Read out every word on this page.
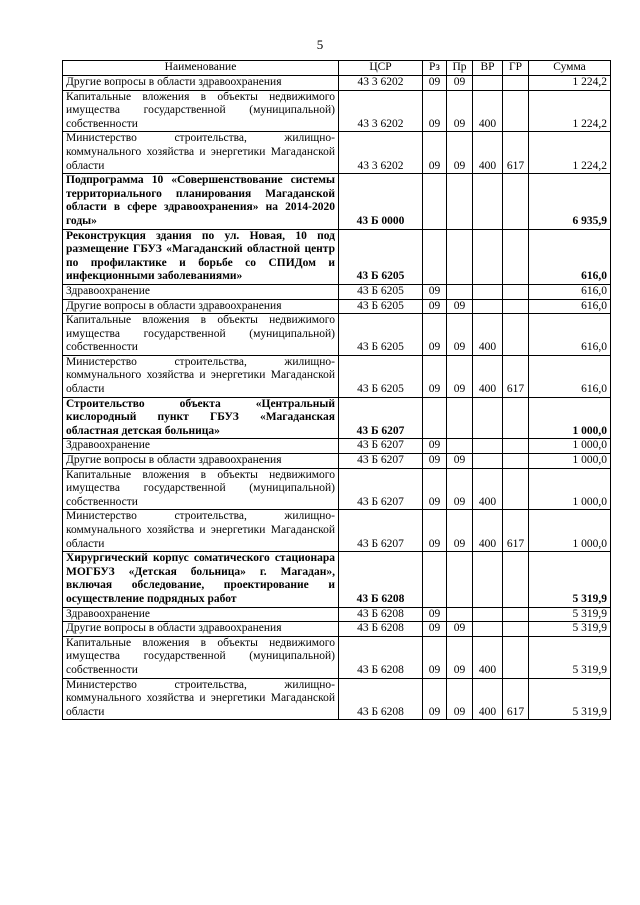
5
Наименование	ЦСР	Рз	Пр	ВР	ГР	Сумма
Другие вопросы в области здравоохранения	43 3 6202	09	09			1 224,2
Капитальные вложения в объекты недвижимого имущества государственной (муниципальной) собственности	43 3 6202	09	09	400		1 224,2
Министерство строительства, жилищно-коммунального хозяйства и энергетики Магаданской области	43 3 6202	09	09	400	617	1 224,2
Подпрограмма 10 «Совершенствование системы территориального планирования Магаданской области в сфере здравоохранения» на 2014-2020 годы»	43 Б 0000					6 935,9
Реконструкция здания по ул. Новая, 10 под размещение ГБУЗ «Магаданский областной центр по профилактике и борьбе со СПИДом и инфекционными заболеваниями»	43 Б 6205					616,0
Здравоохранение	43 Б 6205	09				616,0
Другие вопросы в области здравоохранения	43 Б 6205	09	09			616,0
Капитальные вложения в объекты недвижимого имущества государственной (муниципальной) собственности	43 Б 6205	09	09	400		616,0
Министерство строительства, жилищно-коммунального хозяйства и энергетики Магаданской области	43 Б 6205	09	09	400	617	616,0
Строительство объекта «Центральный кислородный пункт ГБУЗ «Магаданская областная детская больница»	43 Б 6207					1 000,0
Здравоохранение	43 Б 6207	09				1 000,0
Другие вопросы в области здравоохранения	43 Б 6207	09	09			1 000,0
Капитальные вложения в объекты недвижимого имущества государственной (муниципальной) собственности	43 Б 6207	09	09	400		1 000,0
Министерство строительства, жилищно-коммунального хозяйства и энергетики Магаданской области	43 Б 6207	09	09	400	617	1 000,0
Хирургический корпус соматического стационара МОГБУЗ «Детская больница» г. Магадан», включая обследование, проектирование и осуществление подрядных работ	43 Б 6208					5 319,9
Здравоохранение	43 Б 6208	09				5 319,9
Другие вопросы в области здравоохранения	43 Б 6208	09	09			5 319,9
Капитальные вложения в объекты недвижимого имущества государственной (муниципальной) собственности	43 Б 6208	09	09	400		5 319,9
Министерство строительства, жилищно-коммунального хозяйства и энергетики Магаданской области	43 Б 6208	09	09	400	617	5 319,9
